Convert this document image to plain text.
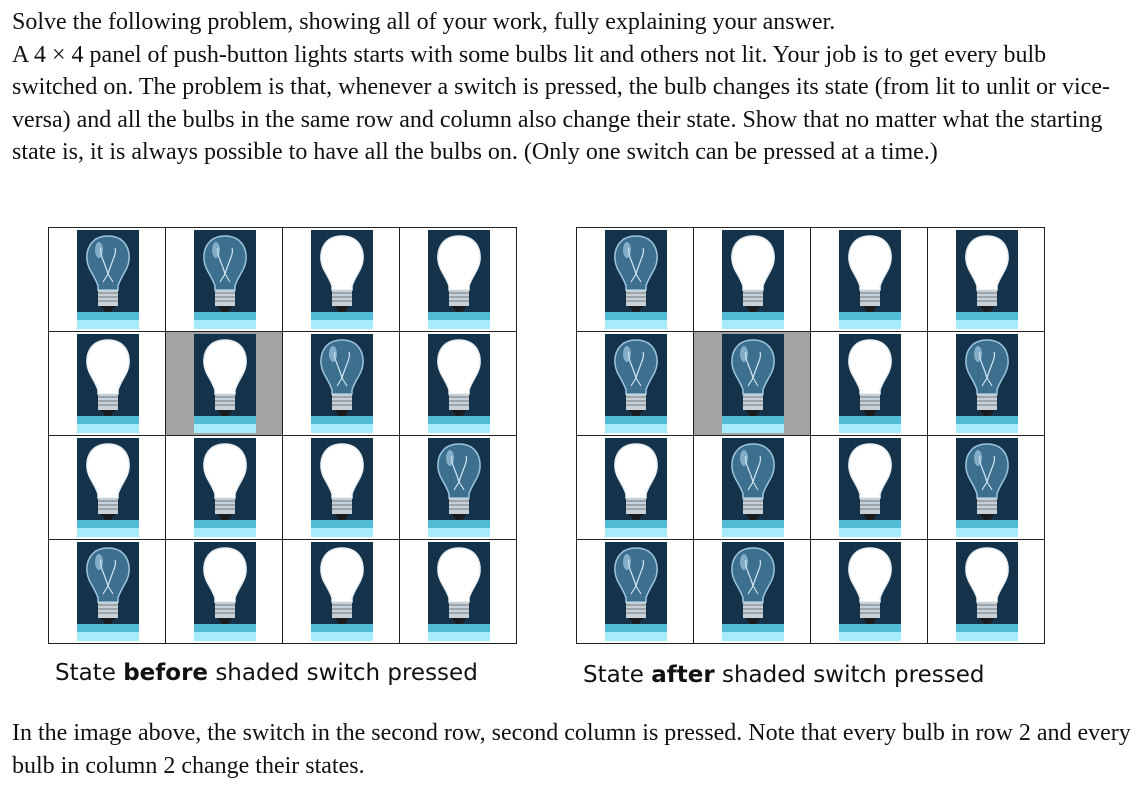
Solve the following problem, showing all of your work, fully explaining your answer.
A 4 × 4 panel of push-button lights starts with some bulbs lit and others not lit. Your job is to get every bulb switched on. The problem is that, whenever a switch is pressed, the bulb changes its state (from lit to unlit or vice-versa) and all the bulbs in the same row and column also change their state. Show that no matter what the starting state is, it is always possible to have all the bulbs on. (Only one switch can be pressed at a time.)
State before shaded switch pressed	State after shaded switch pressed
In the image above, the switch in the second row, second column is pressed. Note that every bulb in row 2 and every bulb in column 2 change their states.
